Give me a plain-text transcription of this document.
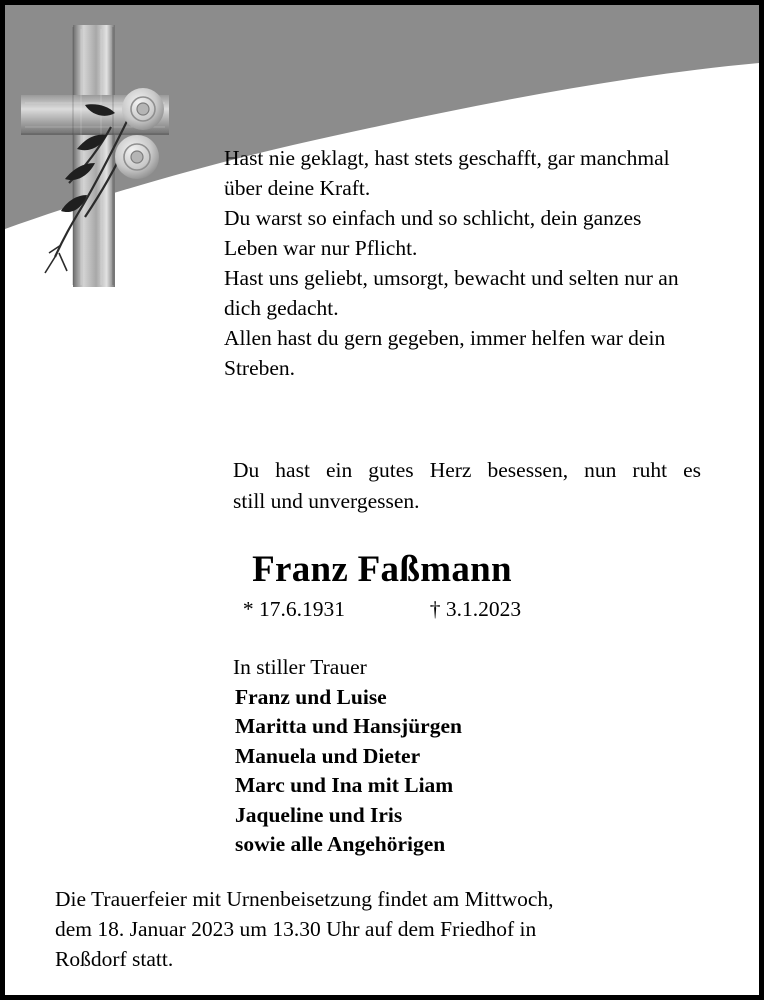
Hast nie geklagt, hast stets geschafft, gar manchmal
über deine Kraft.
Du warst so einfach und so schlicht, dein ganzes
Leben war nur Pflicht.
Hast uns geliebt, umsorgt, bewacht und selten nur an
dich gedacht.
Allen hast du gern gegeben, immer helfen war dein
Streben.
Du hast ein gutes Herz besessen, nun ruht es
still und unvergessen.
Franz Faßmann
* 17.6.1931	† 3.1.2023
In stiller Trauer
Franz und Luise
Maritta und Hansjürgen
Manuela und Dieter
Marc und Ina mit Liam
Jaqueline und Iris
sowie alle Angehörigen
Die Trauerfeier mit Urnenbeisetzung findet am Mittwoch,
dem 18. Januar 2023 um 13.30 Uhr auf dem Friedhof in
Roßdorf statt.
